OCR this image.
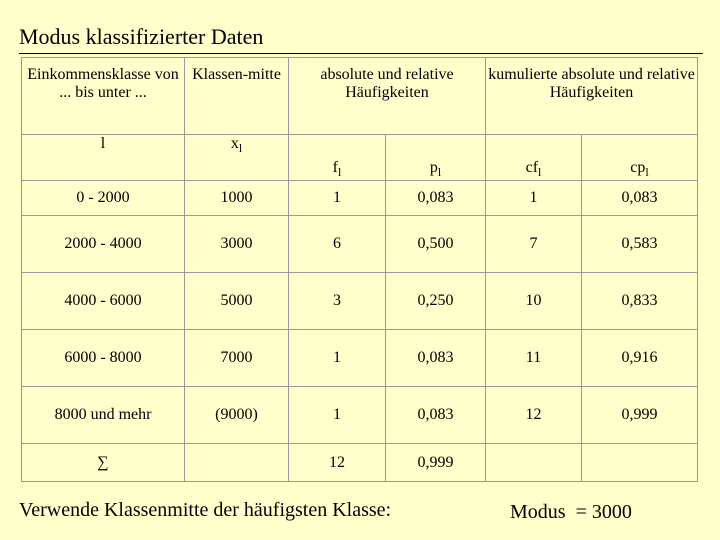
Modus klassifizierter Daten
Einkommensklasse von ... bis unter ...	Klassen-mitte	absolute und relative Häufigkeiten		kumulierte absolute und relative Häufigkeiten	
l	$x_l$	$f_l$	$p_l$	$cf_l$	$cp_l$
0 - 2000	1000	1	0,083	1	0,083
2000 - 4000	3000	6	0,500	7	0,583
4000 - 6000	5000	3	0,250	10	0,833
6000 - 8000	7000	1	0,083	11	0,916
8000 und mehr	(9000)	1	0,083	12	0,999
∑		12	0,999		
Verwende Klassenmitte der häufigsten Klasse:	Modus = 3000
